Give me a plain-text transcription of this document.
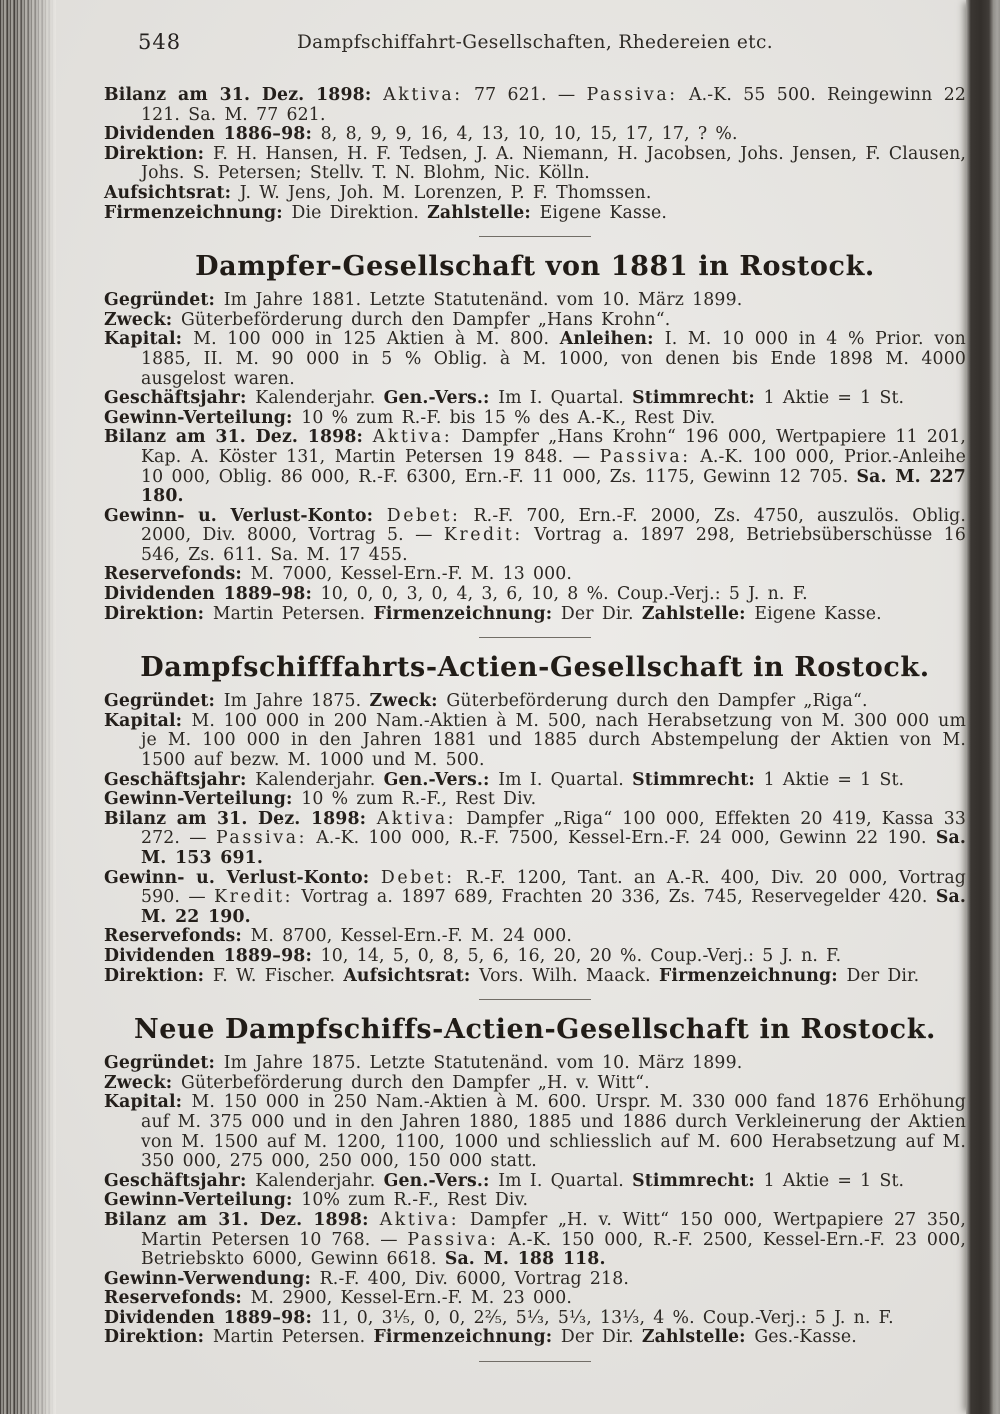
548	Dampfschiffahrt-Gesellschaften, Rhedereien etc.

Bilanz am 31. Dez. 1898: Aktiva: 77 621. — Passiva: A.-K. 55 500. Reingewinn 22 121. Sa. M. 77 621.

Dividenden 1886–98: 8, 8, 9, 9, 16, 4, 13, 10, 10, 15, 17, 17, ? %.

Direktion: F. H. Hansen, H. F. Tedsen, J. A. Niemann, H. Jacobsen, Johs. Jensen, F. Clausen, Johs. S. Petersen; Stellv. T. N. Blohm, Nic. Kölln.

Aufsichtsrat: J. W. Jens, Joh. M. Lorenzen, P. F. Thomssen.

Firmenzeichnung: Die Direktion. Zahlstelle: Eigene Kasse.

Dampfer-Gesellschaft von 1881 in Rostock.

Gegründet: Im Jahre 1881. Letzte Statutenänd. vom 10. März 1899.

Zweck: Güterbeförderung durch den Dampfer „Hans Krohn“.

Kapital: M. 100 000 in 125 Aktien à M. 800. Anleihen: I. M. 10 000 in 4 % Prior. von 1885, II. M. 90 000 in 5 % Oblig. à M. 1000, von denen bis Ende 1898 M. 4000 ausgelost waren.

Geschäftsjahr: Kalenderjahr. Gen.-Vers.: Im I. Quartal. Stimmrecht: 1 Aktie = 1 St.

Gewinn-Verteilung: 10 % zum R.-F. bis 15 % des A.-K., Rest Div.

Bilanz am 31. Dez. 1898: Aktiva: Dampfer „Hans Krohn“ 196 000, Wertpapiere 11 201, Kap. A. Köster 131, Martin Petersen 19 848. — Passiva: A.-K. 100 000, Prior.-Anleihe 10 000, Oblig. 86 000, R.-F. 6300, Ern.-F. 11 000, Zs. 1175, Gewinn 12 705. Sa. M. 227 180.

Gewinn- u. Verlust-Konto: Debet: R.-F. 700, Ern.-F. 2000, Zs. 4750, auszulös. Oblig. 2000, Div. 8000, Vortrag 5. — Kredit: Vortrag a. 1897 298, Betriebsüberschüsse 16 546, Zs. 611. Sa. M. 17 455.

Reservefonds: M. 7000, Kessel-Ern.-F. M. 13 000.

Dividenden 1889–98: 10, 0, 0, 3, 0, 4, 3, 6, 10, 8 %. Coup.-Verj.: 5 J. n. F.

Direktion: Martin Petersen. Firmenzeichnung: Der Dir. Zahlstelle: Eigene Kasse.

Dampfschifffahrts-Actien-Gesellschaft in Rostock.

Gegründet: Im Jahre 1875. Zweck: Güterbeförderung durch den Dampfer „Riga“.

Kapital: M. 100 000 in 200 Nam.-Aktien à M. 500, nach Herabsetzung von M. 300 000 um je M. 100 000 in den Jahren 1881 und 1885 durch Abstempelung der Aktien von M. 1500 auf bezw. M. 1000 und M. 500.

Geschäftsjahr: Kalenderjahr. Gen.-Vers.: Im I. Quartal. Stimmrecht: 1 Aktie = 1 St.

Gewinn-Verteilung: 10 % zum R.-F., Rest Div.

Bilanz am 31. Dez. 1898: Aktiva: Dampfer „Riga“ 100 000, Effekten 20 419, Kassa 33 272. — Passiva: A.-K. 100 000, R.-F. 7500, Kessel-Ern.-F. 24 000, Gewinn 22 190. Sa. M. 153 691.

Gewinn- u. Verlust-Konto: Debet: R.-F. 1200, Tant. an A.-R. 400, Div. 20 000, Vortrag 590. — Kredit: Vortrag a. 1897 689, Frachten 20 336, Zs. 745, Reservegelder 420. Sa. M. 22 190.

Reservefonds: M. 8700, Kessel-Ern.-F. M. 24 000.

Dividenden 1889–98: 10, 14, 5, 0, 8, 5, 6, 16, 20, 20 %. Coup.-Verj.: 5 J. n. F.

Direktion: F. W. Fischer. Aufsichtsrat: Vors. Wilh. Maack. Firmenzeichnung: Der Dir.

Neue Dampfschiffs-Actien-Gesellschaft in Rostock.

Gegründet: Im Jahre 1875. Letzte Statutenänd. vom 10. März 1899.

Zweck: Güterbeförderung durch den Dampfer „H. v. Witt“.

Kapital: M. 150 000 in 250 Nam.-Aktien à M. 600. Urspr. M. 330 000 fand 1876 Erhöhung auf M. 375 000 und in den Jahren 1880, 1885 und 1886 durch Verkleinerung der Aktien von M. 1500 auf M. 1200, 1100, 1000 und schliesslich auf M. 600 Herabsetzung auf M. 350 000, 275 000, 250 000, 150 000 statt.

Geschäftsjahr: Kalenderjahr. Gen.-Vers.: Im I. Quartal. Stimmrecht: 1 Aktie = 1 St.

Gewinn-Verteilung: 10% zum R.-F., Rest Div.

Bilanz am 31. Dez. 1898: Aktiva: Dampfer „H. v. Witt“ 150 000, Wertpapiere 27 350, Martin Petersen 10 768. — Passiva: A.-K. 150 000, R.-F. 2500, Kessel-Ern.-F. 23 000, Betriebskto 6000, Gewinn 6618. Sa. M. 188 118.

Gewinn-Verwendung: R.-F. 400, Div. 6000, Vortrag 218.

Reservefonds: M. 2900, Kessel-Ern.-F. M. 23 000.

Dividenden 1889–98: 11, 0, 3¹⁄₅, 0, 0, 2²⁄₅, 5¹⁄₃, 5¹⁄₃, 13¹⁄₃, 4 %. Coup.-Verj.: 5 J. n. F.

Direktion: Martin Petersen. Firmenzeichnung: Der Dir. Zahlstelle: Ges.-Kasse.
